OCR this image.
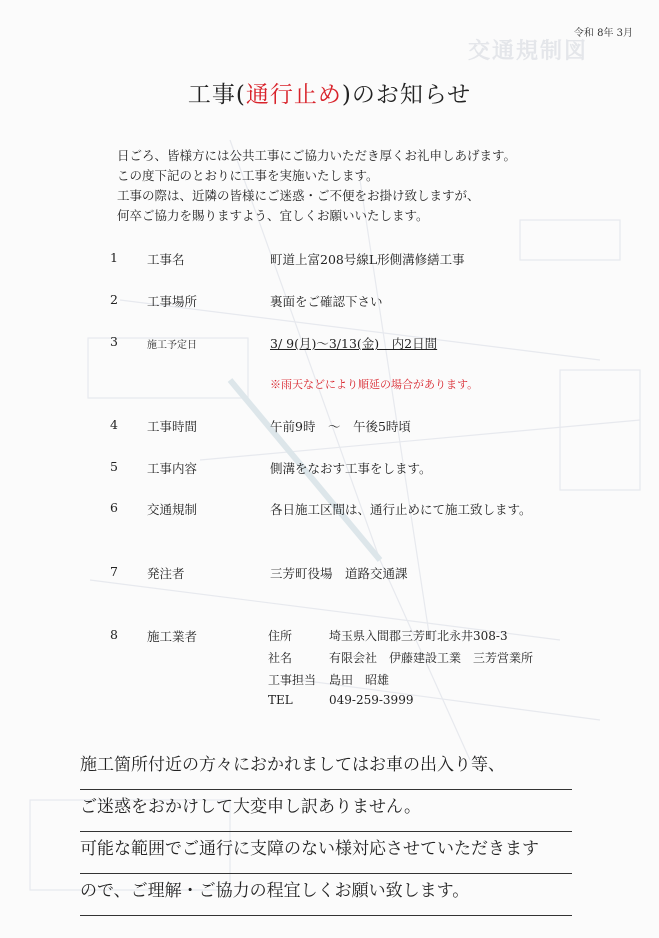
交通規制図
令和 8年 3月
工事(通行止め)のお知らせ
日ごろ、皆様方には公共工事にご協力いただき厚くお礼申しあげます。
この度下記のとおりに工事を実施いたします。
工事の際は、近隣の皆様にご迷惑・ご不便をお掛け致しますが、
何卒ご協力を賜りますよう、宜しくお願いいたします。
1 工事名	町道上富208号線L形側溝修繕工事
2 工事場所	裏面をご確認下さい
3	施工予定日	3/ 9(月)～3/13(金)　内2日間
※雨天などにより順延の場合があります。
4 工事時間	午前9時　～　午後5時頃
5 工事内容	側溝をなおす工事をします。
6 交通規制	各日施工区間は、通行止めにて施工致します。
7 発注者	三芳町役場　道路交通課
8 施工業者	住所	埼玉県入間郡三芳町北永井308-3
社名	有限会社　伊藤建設工業　三芳営業所
工事担当 島田　昭雄
TEL	049-259-3999
施工箇所付近の方々におかれましてはお車の出入り等、
ご迷惑をおかけして大変申し訳ありません。
可能な範囲でご通行に支障のない様対応させていただきます
ので、ご理解・ご協力の程宜しくお願い致します。
